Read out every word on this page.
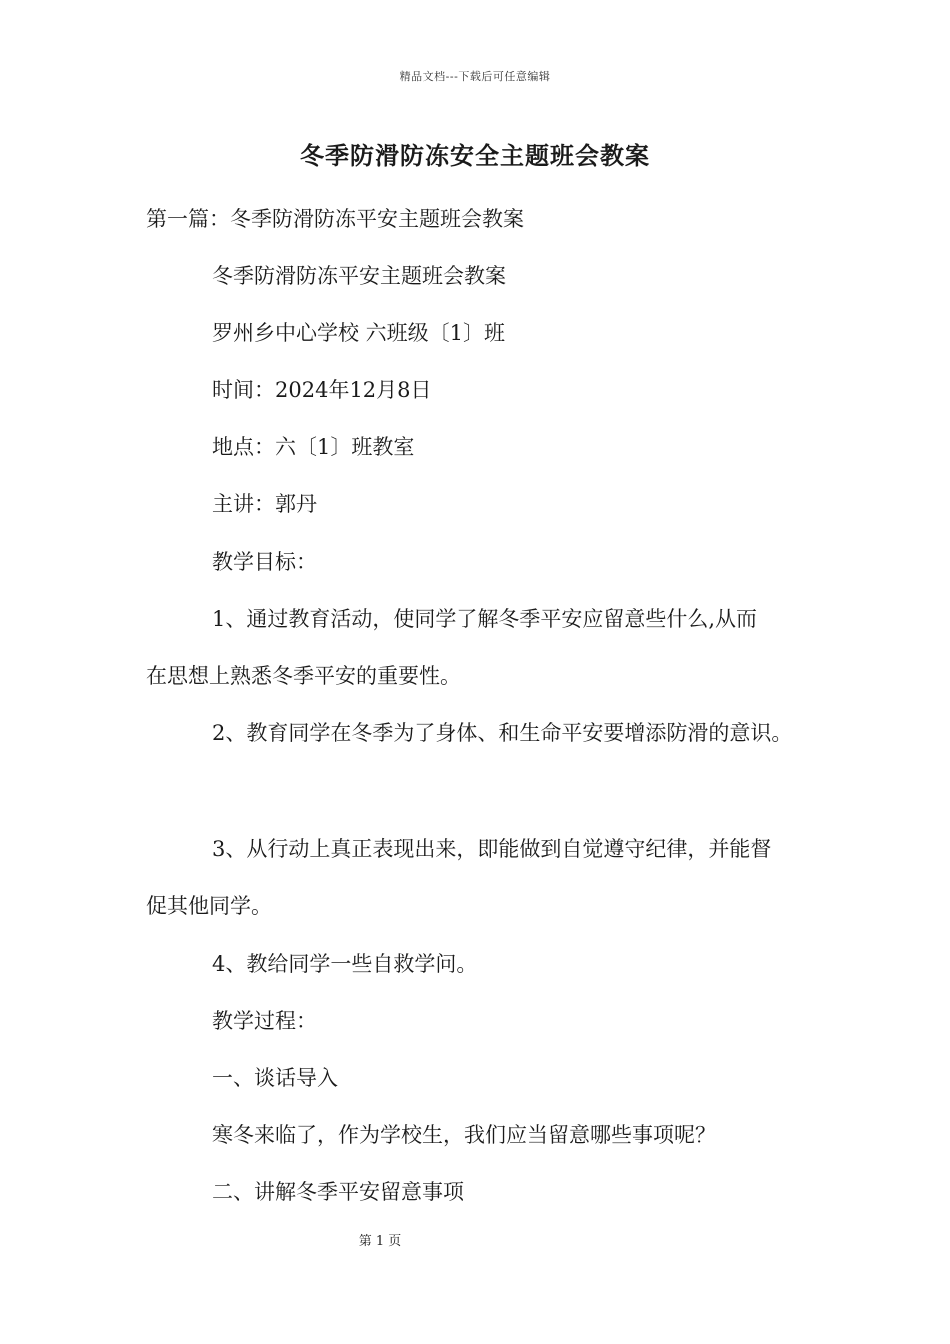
精品文档---下载后可任意编辑
冬季防滑防冻安全主题班会教案
第一篇：冬季防滑防冻平安主题班会教案
冬季防滑防冻平安主题班会教案
罗州乡中心学校 六班级〔1〕班
时间：2024年12月8日
地点：六〔1〕班教室
主讲：郭丹
教学目标：
1、通过教育活动，使同学了解冬季平安应留意些什么,从而
在思想上熟悉冬季平安的重要性。
2、教育同学在冬季为了身体、和生命平安要增添防滑的意识。
3、从行动上真正表现出来，即能做到自觉遵守纪律，并能督
促其他同学。
4、教给同学一些自救学问。
教学过程：
一、谈话导入
寒冬来临了，作为学校生，我们应当留意哪些事项呢？
二、讲解冬季平安留意事项
第 1 页
